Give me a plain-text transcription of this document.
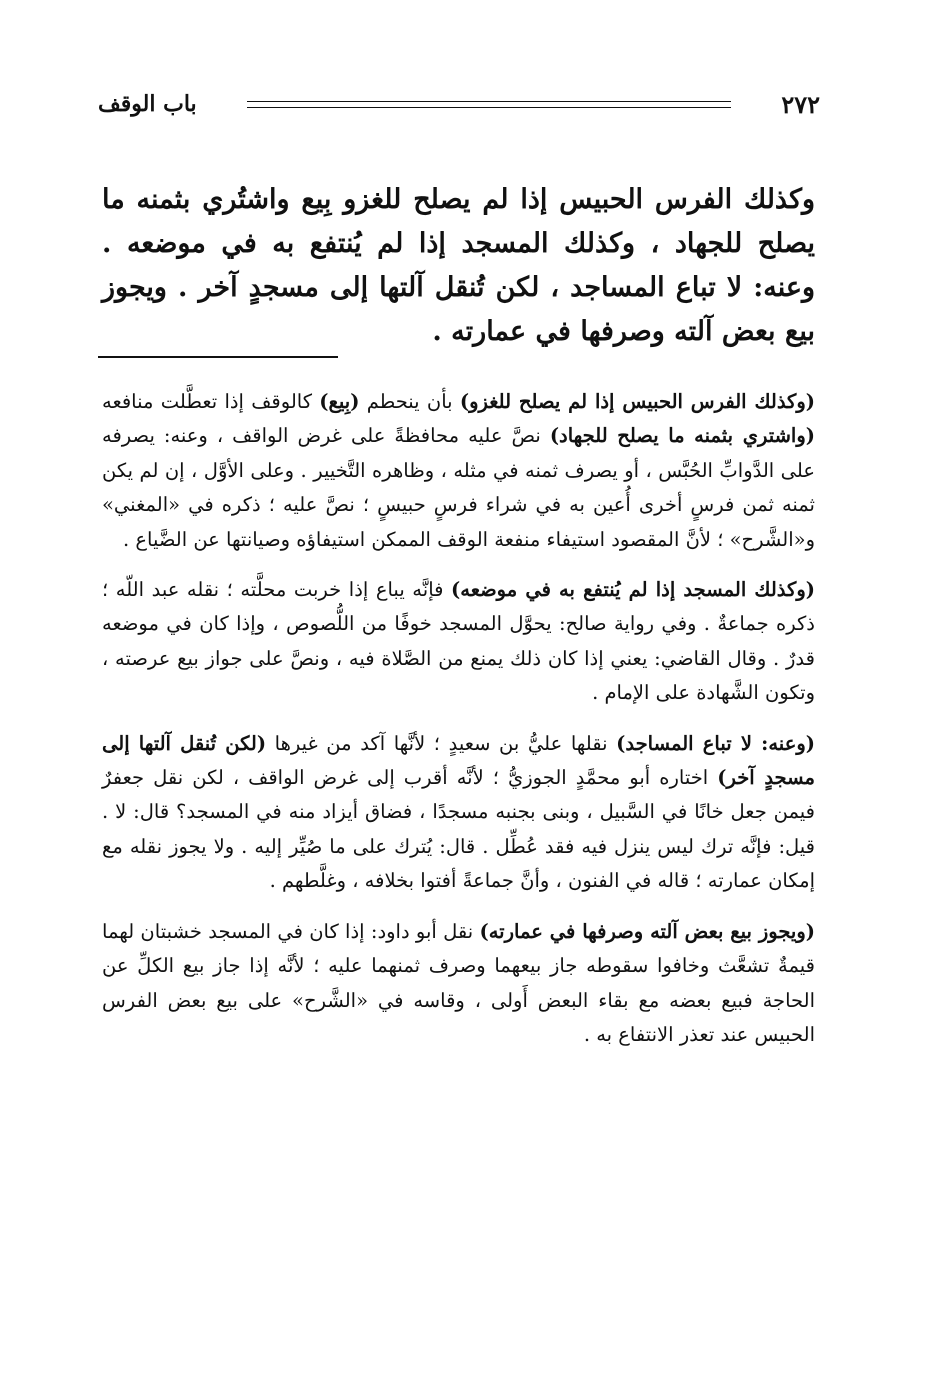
٢٧٢
باب الوقف

وكذلك الفرس الحبيس إذا لم يصلح للغزو بِيع واشتُري بثمنه ما يصلح للجهاد ، وكذلك المسجد إذا لم يُنتفع به في موضعه . وعنه: لا تباع المساجد ، لكن تُنقل آلتها إلى مسجدٍ آخر . ويجوز بيع بعض آلته وصرفها في عمارته .

(وكذلك الفرس الحبيس إذا لم يصلح للغزو) بأن ينحطم (بِيع) كالوقف إذا تعطَّلت منافعه (واشتري بثمنه ما يصلح للجهاد) نصَّ عليه محافظةً على غرض الواقف ، وعنه: يصرفه على الدَّوابِّ الحُبَّس ، أو يصرف ثمنه في مثله ، وظاهره التَّخيير . وعلى الأوَّل ، إن لم يكن ثمنه ثمن فرسٍ أخرى أُعين به في شراء فرسٍ حبيسٍ ؛ نصَّ عليه ؛ ذكره في «المغني» و«الشَّرح» ؛ لأنَّ المقصود استيفاء منفعة الوقف الممكن استيفاؤه وصيانتها عن الضَّياع .

(وكذلك المسجد إذا لم يُنتفع به في موضعه) فإنَّه يباع إذا خربت محلَّته ؛ نقله عبد اللّه ؛ ذكره جماعةٌ . وفي رواية صالح: يحوَّل المسجد خوفًا من اللُّصوص ، وإذا كان في موضعه قدرٌ . وقال القاضي: يعني إذا كان ذلك يمنع من الصَّلاة فيه ، ونصَّ على جواز بيع عرصته ، وتكون الشَّهادة على الإمام .

(وعنه: لا تباع المساجد) نقلها عليُّ بن سعيدٍ ؛ لأنَّها آكد من غيرها (لكن تُنقل آلتها إلى مسجدٍ آخر) اختاره أبو محمَّدٍ الجوزيُّ ؛ لأنَّه أقرب إلى غرض الواقف ، لكن نقل جعفرٌ فيمن جعل خانًا في السَّبيل ، وبنى بجنبه مسجدًا ، فضاق أيزاد منه في المسجد؟ قال: لا . قيل: فإنَّه ترك ليس ينزل فيه فقد عُطِّل . قال: يُترك على ما صُيِّر إليه . ولا يجوز نقله مع إمكان عمارته ؛ قاله في الفنون ، وأنَّ جماعةً أفتوا بخلافه ، وغلَّطهم .

(ويجوز بيع بعض آلته وصرفها في عمارته) نقل أبو داود: إذا كان في المسجد خشبتان لهما قيمةٌ تشعَّث وخافوا سقوطه جاز بيعهما وصرف ثمنهما عليه ؛ لأنَّه إذا جاز بيع الكلِّ عن الحاجة فبيع بعضه مع بقاء البعض أَولى ، وقاسه في «الشَّرح» على بيع بعض الفرس الحبيس عند تعذر الانتفاع به .
